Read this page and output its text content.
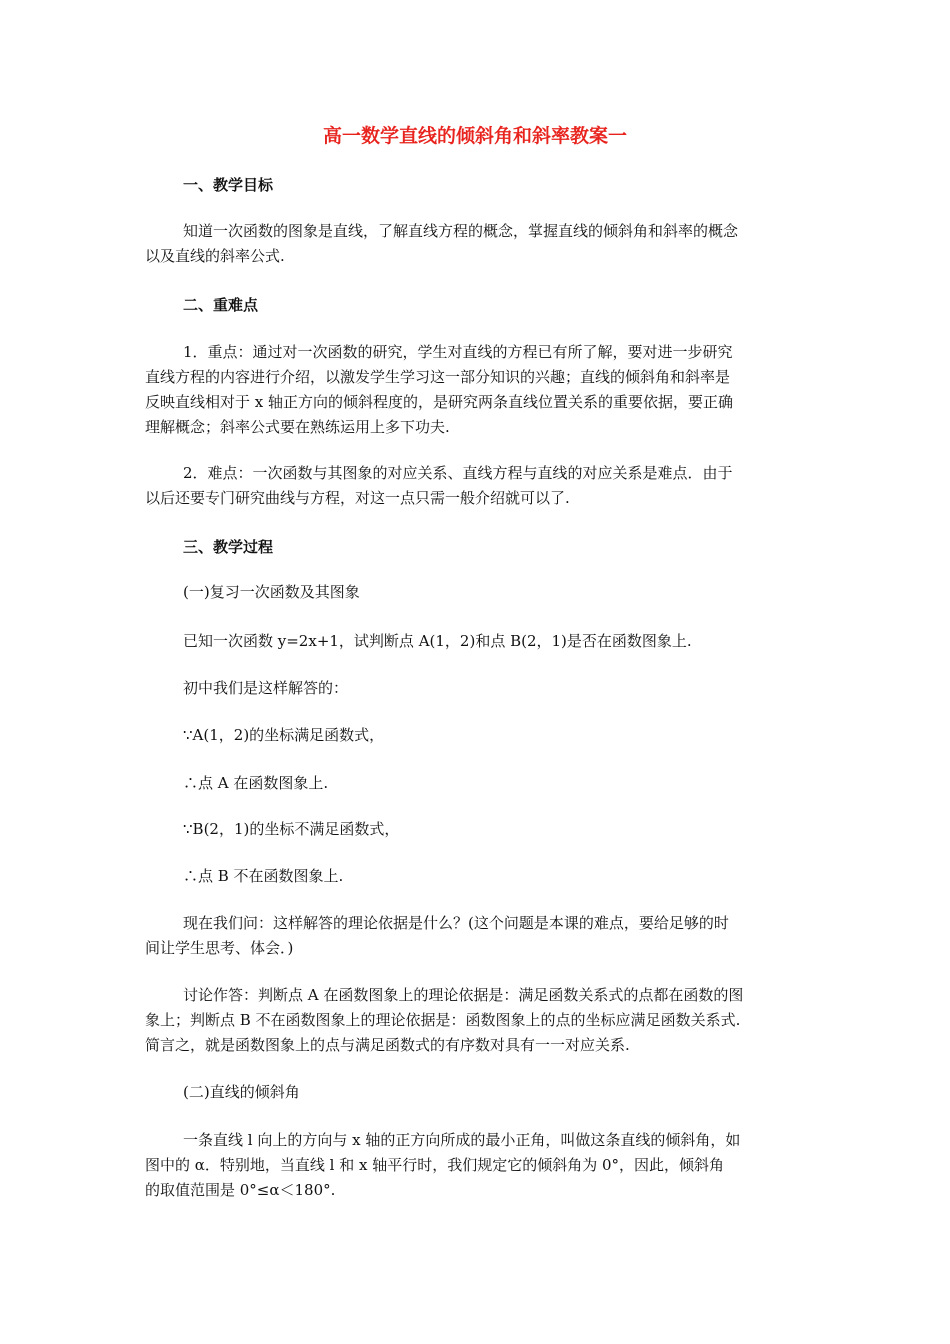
高一数学直线的倾斜角和斜率教案一
一、教学目标
知道一次函数的图象是直线，了解直线方程的概念，掌握直线的倾斜角和斜率的概念
以及直线的斜率公式.
二、重难点
1．重点：通过对一次函数的研究，学生对直线的方程已有所了解，要对进一步研究
直线方程的内容进行介绍，以激发学生学习这一部分知识的兴趣；直线的倾斜角和斜率是
反映直线相对于 x 轴正方向的倾斜程度的，是研究两条直线位置关系的重要依据，要正确
理解概念；斜率公式要在熟练运用上多下功夫.
2．难点：一次函数与其图象的对应关系、直线方程与直线的对应关系是难点．由于
以后还要专门研究曲线与方程，对这一点只需一般介绍就可以了.
三、教学过程
(一)复习一次函数及其图象
已知一次函数 y=2x+1，试判断点 A(1，2)和点 B(2，1)是否在函数图象上.
初中我们是这样解答的：
∵A(1，2)的坐标满足函数式，
∴点 A 在函数图象上.
∵B(2，1)的坐标不满足函数式，
∴点 B 不在函数图象上.
现在我们问：这样解答的理论依据是什么？(这个问题是本课的难点，要给足够的时
间让学生思考、体会．)
讨论作答：判断点 A 在函数图象上的理论依据是：满足函数关系式的点都在函数的图
象上；判断点 B 不在函数图象上的理论依据是：函数图象上的点的坐标应满足函数关系式.
简言之，就是函数图象上的点与满足函数式的有序数对具有一一对应关系.
(二)直线的倾斜角
一条直线 l 向上的方向与 x 轴的正方向所成的最小正角，叫做这条直线的倾斜角，如
图中的 α．特别地，当直线 l 和 x 轴平行时，我们规定它的倾斜角为 0°，因此，倾斜角
的取值范围是 0°≤α＜180°.
